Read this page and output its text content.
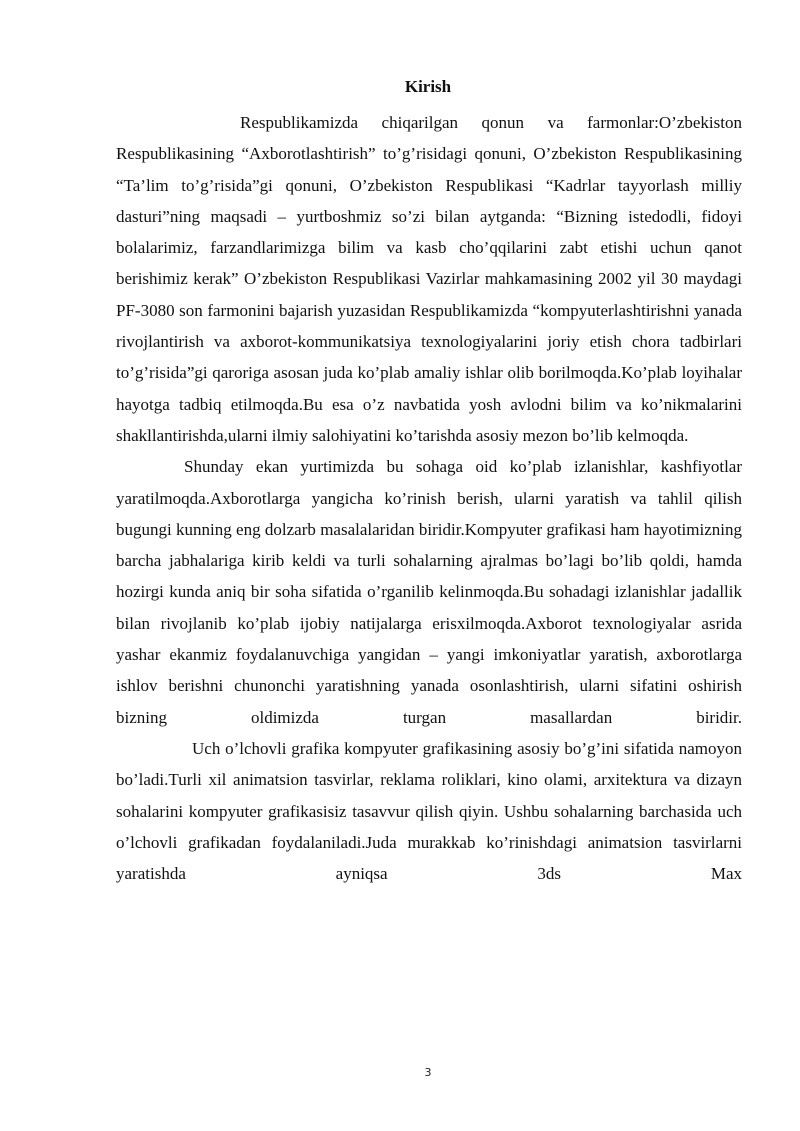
Kirish

Respublikamizda chiqarilgan qonun va farmonlar:O’zbekiston Respublikasining “Axborotlashtirish” to’g’risidagi qonuni, O’zbekiston Respublikasining “Ta’lim to’g’risida”gi qonuni, O’zbekiston Respublikasi “Kadrlar tayyorlash milliy dasturi”ning maqsadi – yurtboshmiz so’zi bilan aytganda: “Bizning istedodli, fidoyi bolalarimiz, farzandlarimizga bilim va kasb cho’qqilarini zabt etishi uchun qanot berishimiz kerak” O’zbekiston Respublikasi Vazirlar mahkamasining 2002 yil 30 maydagi PF-3080 son farmonini bajarish yuzasidan Respublikamizda “kompyuterlashtirishni yanada rivojlantirish va axborot-kommunikatsiya texnologiyalarini joriy etish chora tadbirlari to’g’risida”gi qaroriga asosan juda ko’plab amaliy ishlar olib borilmoqda.Ko’plab loyihalar hayotga tadbiq etilmoqda.Bu esa o’z navbatida yosh avlodni bilim va ko’nikmalarini shakllantirishda,ularni ilmiy salohiyatini ko’tarishda asosiy mezon bo’lib kelmoqda.

Shunday ekan yurtimizda bu sohaga oid ko’plab izlanishlar, kashfiyotlar yaratilmoqda.Axborotlarga yangicha ko’rinish berish, ularni yaratish va tahlil qilish bugungi kunning eng dolzarb masalalaridan biridir.Kompyuter grafikasi ham hayotimizning barcha jabhalariga kirib keldi va turli sohalarning ajralmas bo’lagi bo’lib qoldi, hamda hozirgi kunda aniq bir soha sifatida o’rganilib kelinmoqda.Bu sohadagi izlanishlar jadallik bilan rivojlanib ko’plab ijobiy natijalarga erisxilmoqda.Axborot texnologiyalar asrida yashar ekanmiz foydalanuvchiga yangidan – yangi imkoniyatlar yaratish, axborotlarga ishlov berishni chunonchi yaratishning yanada osonlashtirish, ularni sifatini oshirish bizning oldimizda turgan masallardan biridir.

Uch o’lchovli grafika kompyuter grafikasining asosiy bo’g’ini sifatida namoyon bo’ladi.Turli xil animatsion tasvirlar, reklama roliklari, kino olami, arxitektura va dizayn sohalarini kompyuter grafikasisiz tasavvur qilish qiyin. Ushbu sohalarning barchasida uch o’lchovli grafikadan foydalaniladi.Juda murakkab ko’rinishdagi animatsion tasvirlarni yaratishda ayniqsa 3ds Max

3
